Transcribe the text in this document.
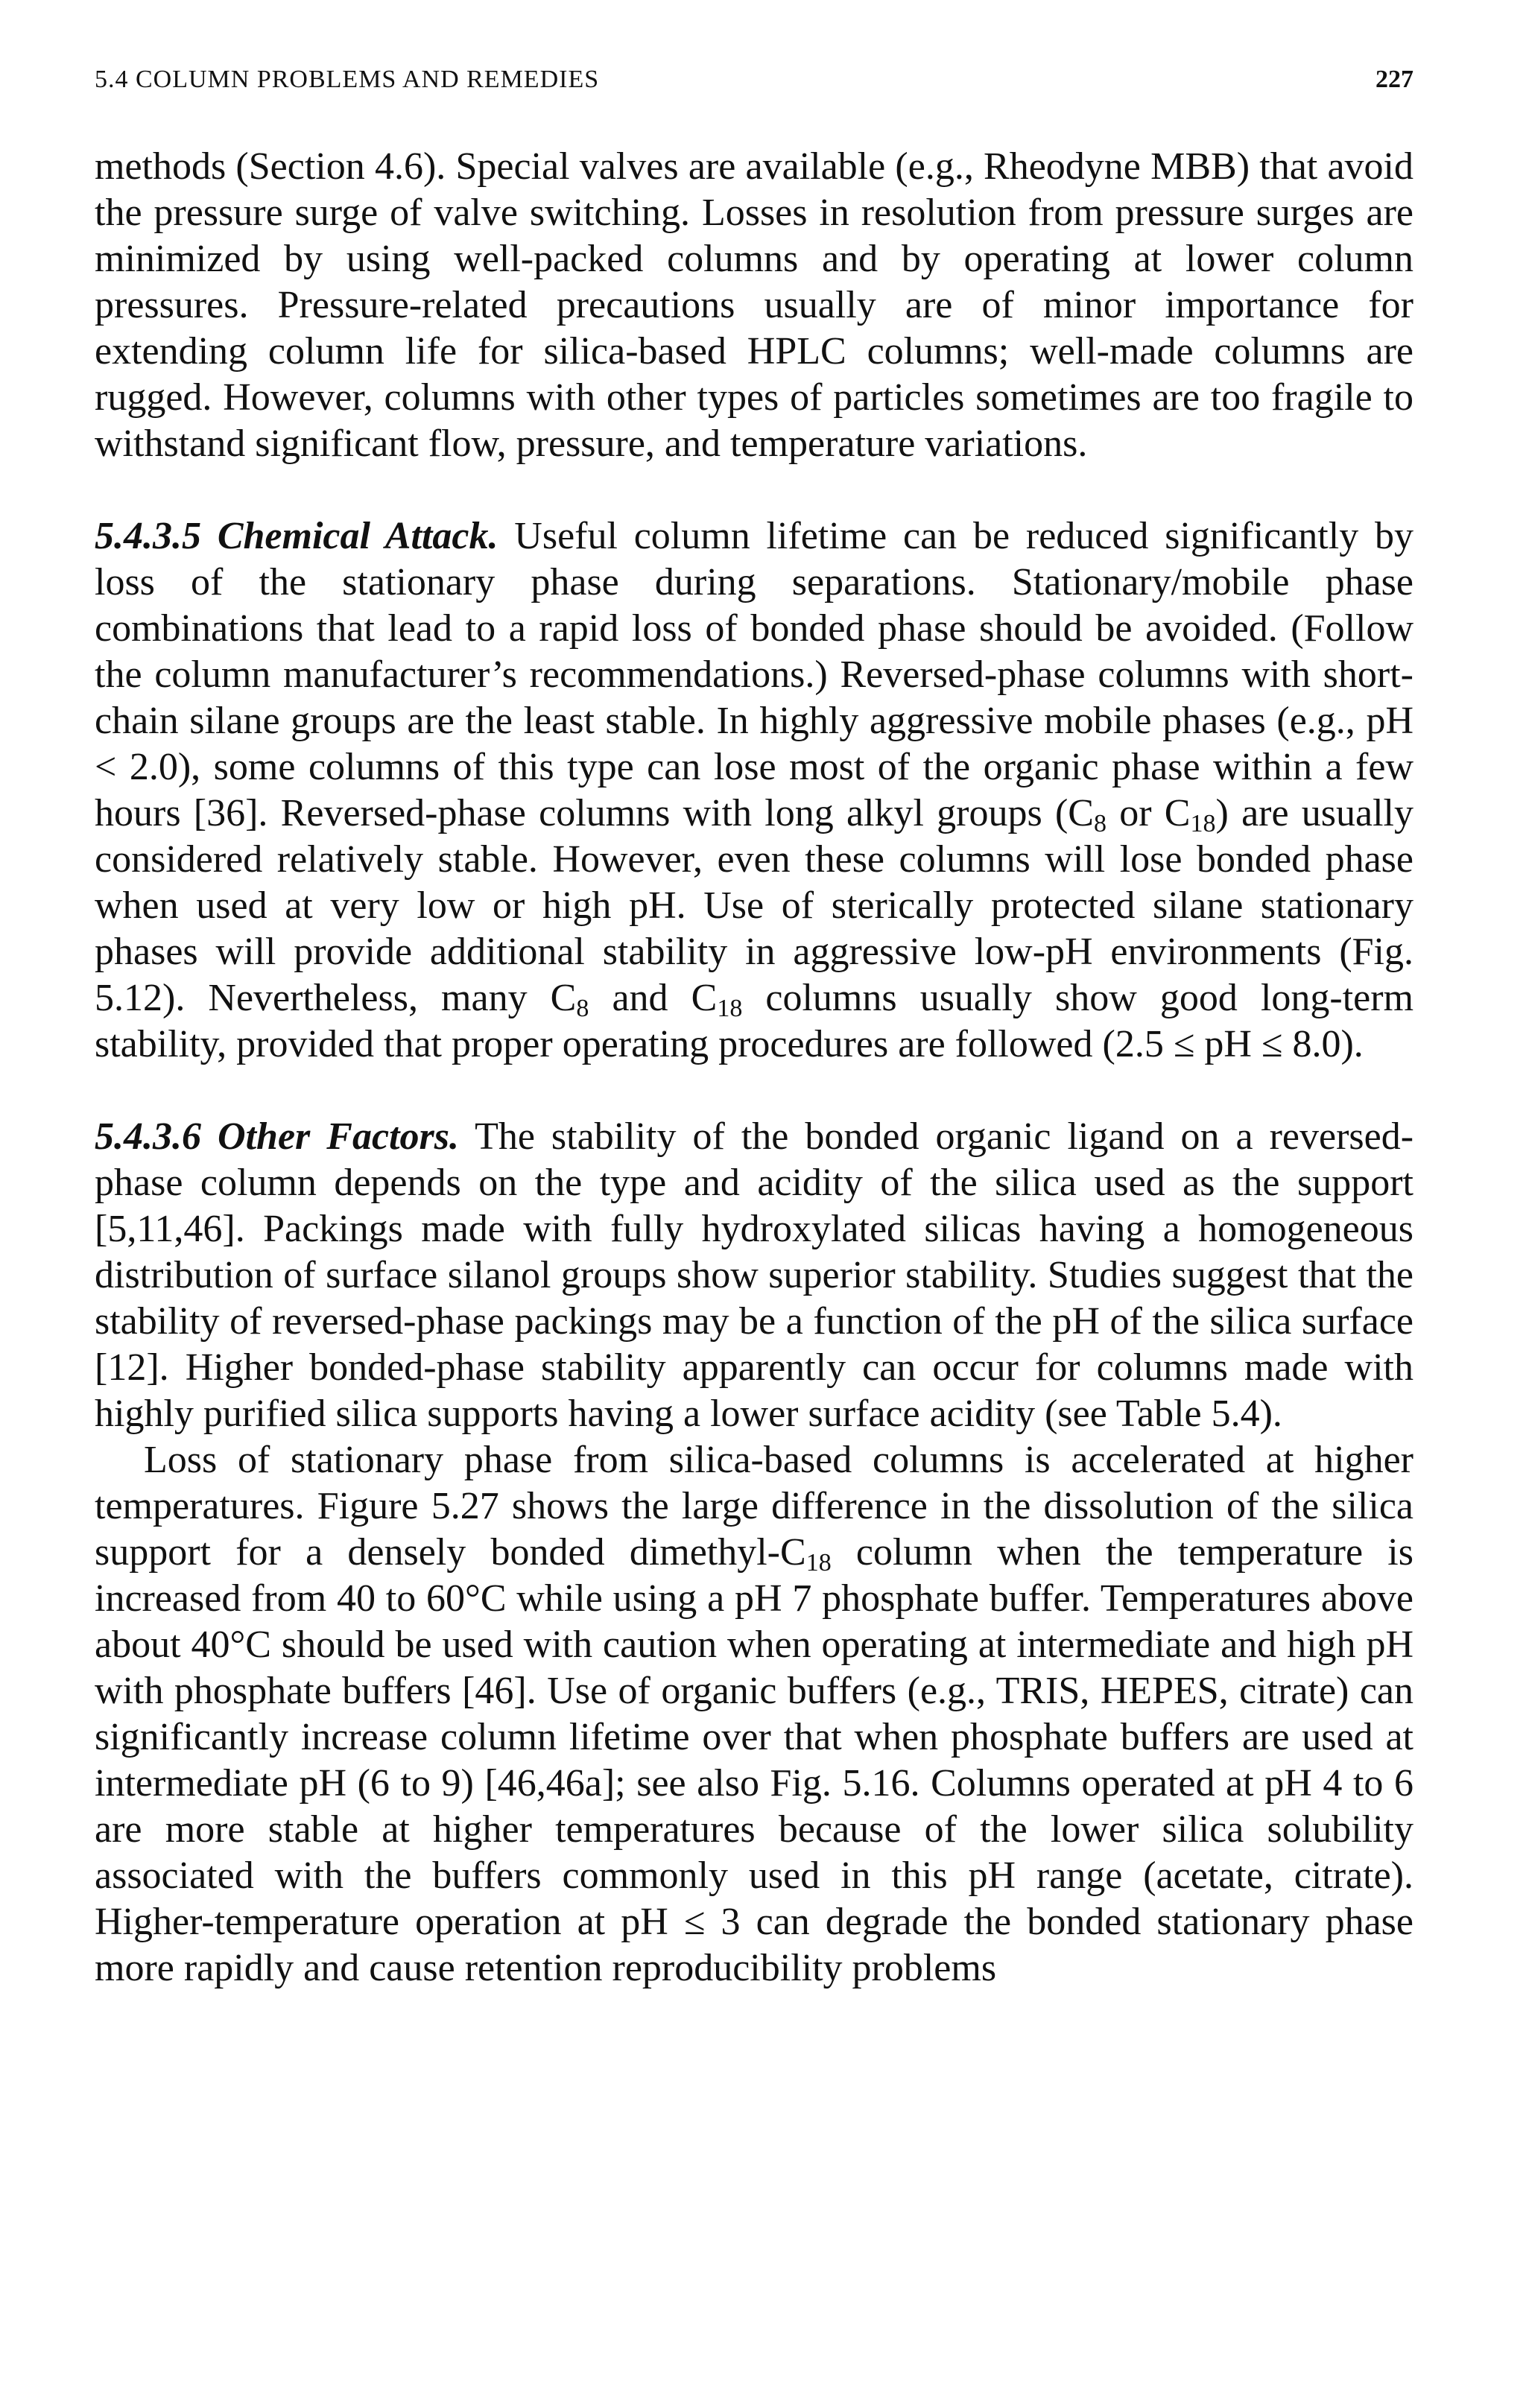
5.4 COLUMN PROBLEMS AND REMEDIES	227

methods (Section 4.6). Special valves are available (e.g., Rheodyne MBB) that avoid the pressure surge of valve switching. Losses in resolution from pressure surges are minimized by using well-packed columns and by operating at lower column pressures. Pressure-related precautions usually are of minor importance for extending column life for silica-based HPLC columns; well-made columns are rugged. However, columns with other types of particles sometimes are too fragile to withstand significant flow, pressure, and temperature variations.

5.4.3.5 Chemical Attack. Useful column lifetime can be reduced significantly by loss of the stationary phase during separations. Stationary/mobile phase combinations that lead to a rapid loss of bonded phase should be avoided. (Follow the column manufacturer’s recommendations.) Reversed-phase columns with short-chain silane groups are the least stable. In highly aggressive mobile phases (e.g., pH < 2.0), some columns of this type can lose most of the organic phase within a few hours [36]. Reversed-phase columns with long alkyl groups ($C_8$ or $C_{18}$) are usually considered relatively stable. However, even these columns will lose bonded phase when used at very low or high pH. Use of sterically protected silane stationary phases will provide additional stability in aggressive low-pH environments (Fig. 5.12). Nevertheless, many $C_8$ and $C_{18}$ columns usually show good long-term stability, provided that proper operating procedures are followed (2.5 ≤ pH ≤ 8.0).

5.4.3.6 Other Factors. The stability of the bonded organic ligand on a reversed-phase column depends on the type and acidity of the silica used as the support [5,11,46]. Packings made with fully hydroxylated silicas having a homogeneous distribution of surface silanol groups show superior stability. Studies suggest that the stability of reversed-phase packings may be a function of the pH of the silica surface [12]. Higher bonded-phase stability apparently can occur for columns made with highly purified silica supports having a lower surface acidity (see Table 5.4).

Loss of stationary phase from silica-based columns is accelerated at higher temperatures. Figure 5.27 shows the large difference in the dissolution of the silica support for a densely bonded dimethyl-$C_{18}$ column when the temperature is increased from 40 to 60°C while using a pH 7 phosphate buffer. Temperatures above about 40°C should be used with caution when operating at intermediate and high pH with phosphate buffers [46]. Use of organic buffers (e.g., TRIS, HEPES, citrate) can significantly increase column lifetime over that when phosphate buffers are used at intermediate pH (6 to 9) [46,46a]; see also Fig. 5.16. Columns operated at pH 4 to 6 are more stable at higher temperatures because of the lower silica solubility associated with the buffers commonly used in this pH range (acetate, citrate). Higher-temperature operation at pH ≤ 3 can degrade the bonded stationary phase more rapidly and cause retention reproducibility problems
